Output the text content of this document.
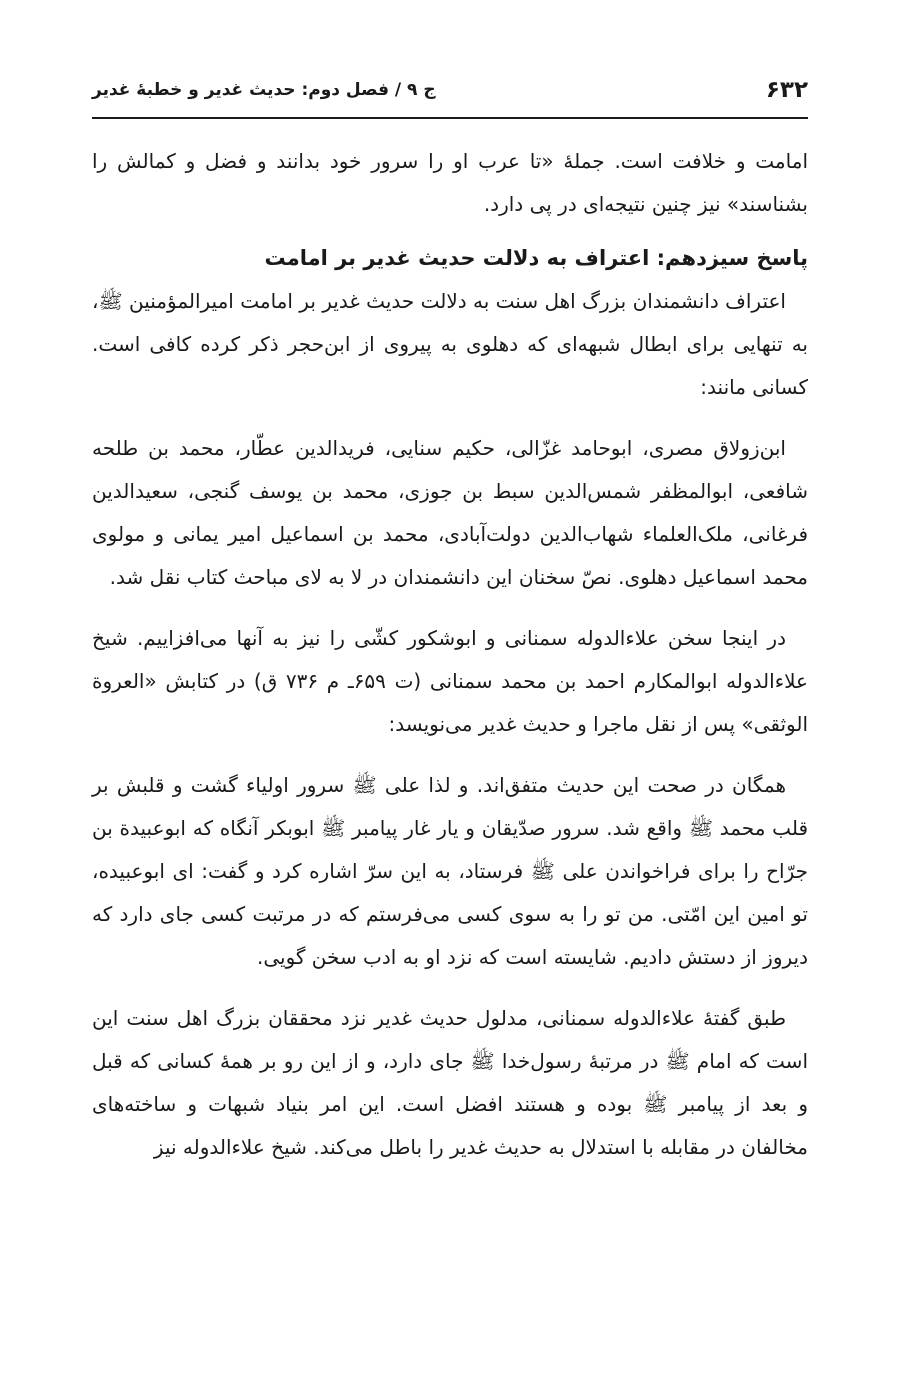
۶۳۲
ج ۹ / فصل دوم: حدیث غدیر و خطبهٔ غدیر

امامت و خلافت است. جملهٔ «تا عرب او را سرور خود بدانند و فضل و کمالش را بشناسند» نیز چنین نتیجه‌ای در پی دارد.

پاسخ سیزدهم: اعتراف به دلالت حدیث غدیر بر امامت

اعتراف دانشمندان بزرگ اهل سنت به دلالت حدیث غدیر بر امامت امیرالمؤمنین ﷺ، به تنهایی برای ابطال شبهه‌ای که دهلوی به پیروی از ابن‌حجر ذکر کرده کافی است. کسانی مانند:

ابن‌زولاق مصری، ابوحامد غزّالی، حکیم سنایی، فریدالدین عطّار، محمد بن طلحه شافعی، ابوالمظفر شمس‌الدین سبط بن جوزی، محمد بن یوسف گنجی، سعیدالدین فرغانی، ملک‌العلماء شهاب‌الدین دولت‌آبادی، محمد بن اسماعیل امیر یمانی و مولوی محمد اسماعیل دهلوی. نصّ سخنان این دانشمندان در لا به لای مباحث کتاب نقل شد.

در اینجا سخن علاءالدوله سمنانی و ابوشکور کشّی را نیز به آنها می‌افزاییم. شیخ علاءالدوله ابوالمکارم احمد بن محمد سمنانی (ت ۶۵۹ـ م ۷۳۶ ق) در کتابش «العروة الوثقی» پس از نقل ماجرا و حدیث غدیر می‌نویسد:

همگان در صحت این حدیث متفق‌اند. و لذا علی ﷺ سرور اولیاء گشت و قلبش بر قلب محمد ﷺ واقع شد. سرور صدّیقان و یار غار پیامبر ﷺ ابوبکر آنگاه که ابوعبیدة بن جرّاح را برای فراخواندن علی ﷺ فرستاد، به این سرّ اشاره کرد و گفت: ای ابوعبیده، تو امین این امّتی. من تو را به سوی کسی می‌فرستم که در مرتبت کسی جای دارد که دیروز از دستش دادیم. شایسته است که نزد او به ادب سخن گویی.

طبق گفتهٔ علاءالدوله سمنانی، مدلول حدیث غدیر نزد محققان بزرگ اهل سنت این است که امام ﷺ در مرتبهٔ رسول‌خدا ﷺ جای دارد، و از این رو بر همهٔ کسانی که قبل و بعد از پیامبر ﷺ بوده و هستند افضل است. این امر بنیاد شبهات و ساخته‌های مخالفان در مقابله با استدلال به حدیث غدیر را باطل می‌کند. شیخ علاءالدوله نیز
